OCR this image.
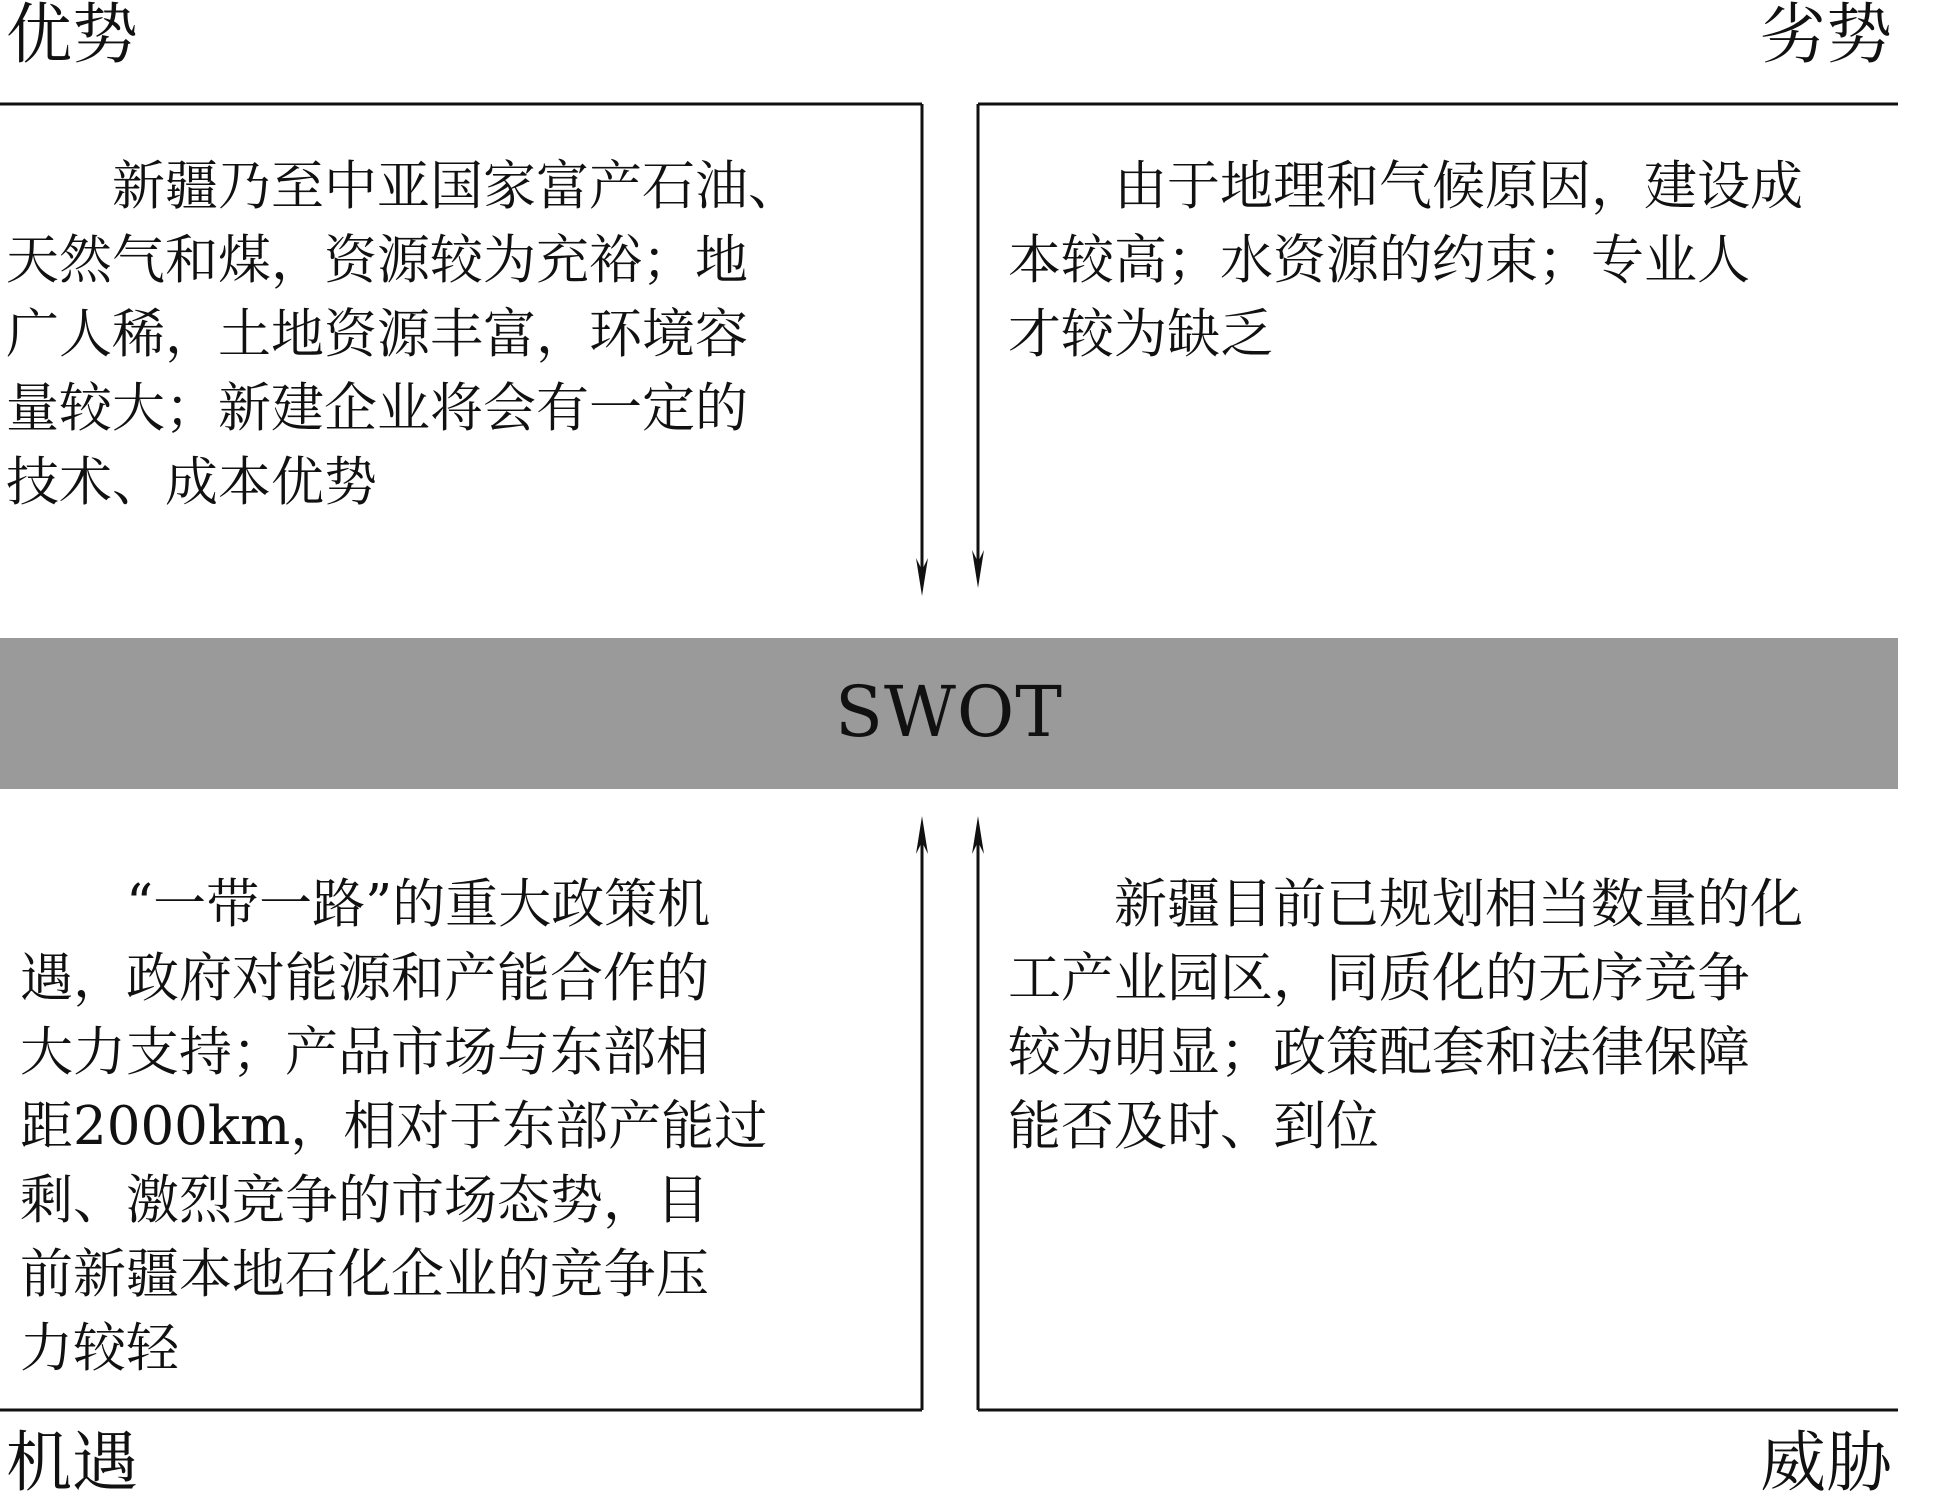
优势	劣势
机遇	威胁
新疆乃至中亚国家富产石油、
天然气和煤，资源较为充裕；地
广人稀，土地资源丰富，环境容
量较大；新建企业将会有一定的
技术、成本优势
由于地理和气候原因，建设成
本较高；水资源的约束；专业人
才较为缺乏
SWOT
“一带一路”的重大政策机
遇，政府对能源和产能合作的
大力支持；产品市场与东部相
距2000km，相对于东部产能过
剩、激烈竞争的市场态势，目
前新疆本地石化企业的竞争压
力较轻
新疆目前已规划相当数量的化
工产业园区，同质化的无序竞争
较为明显；政策配套和法律保障
能否及时、到位
